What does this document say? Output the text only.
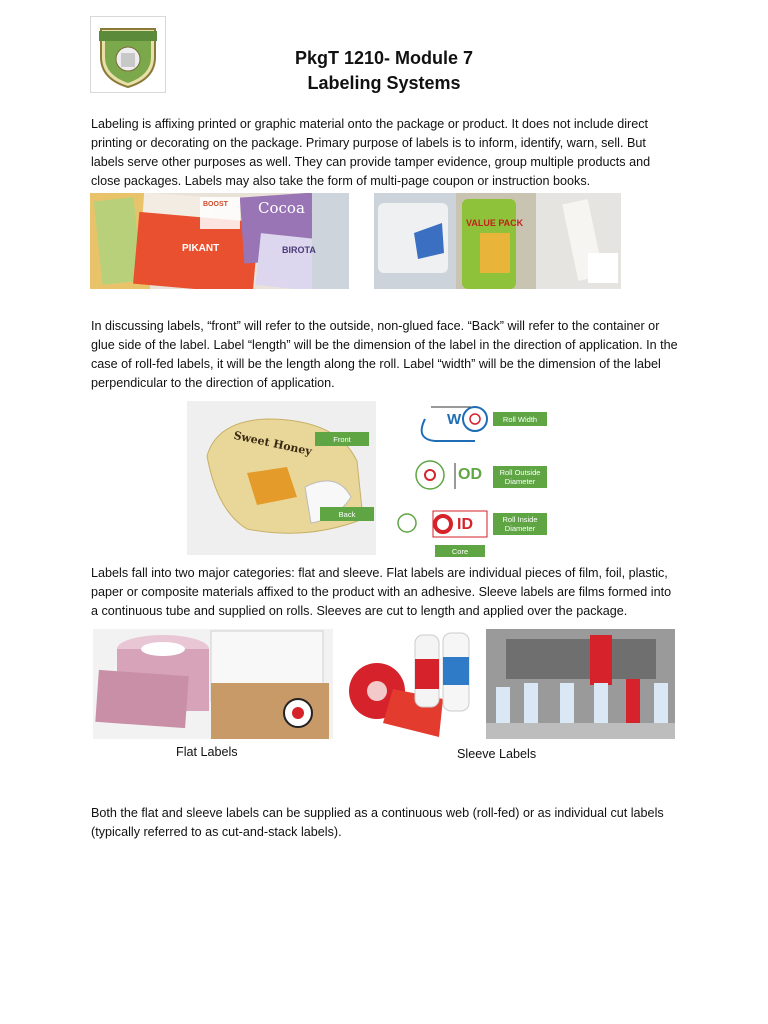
PkgT 1210- Module 7
Labeling Systems

Labeling is affixing printed or graphic material onto the package or product. It does not include direct printing or decorating on the package. Primary purpose of labels is to inform, identify, warn, sell. But labels serve other purposes as well. They can provide tamper evidence, group multiple products and close packages. Labels may also take the form of multi-page coupon or instruction books.

Cocoa
BIROTA
PIKANT
BOOST
VALUE PACK

In discussing labels, “front” will refer to the outside, non-glued face. “Back” will refer to the container or glue side of the label. Label “length” will be the dimension of the label in the direction of application. In the case of roll-fed labels, it will be the length along the roll. Label “width” will be the dimension of the label perpendicular to the direction of application.

Sweet Honey	Front
Back
W
OD
ID
Roll Width
Roll Outside Diameter
Core
Roll Inside Diameter

Labels fall into two major categories: flat and sleeve. Flat labels are individual pieces of film, foil, plastic, paper or composite materials affixed to the product with an adhesive. Sleeve labels are films formed into a continuous tube and supplied on rolls. Sleeves are cut to length and applied over the package.

Flat Labels	Sleeve Labels

Both the flat and sleeve labels can be supplied as a continuous web (roll-fed) or as individual cut labels (typically referred to as cut-and-stack labels).
